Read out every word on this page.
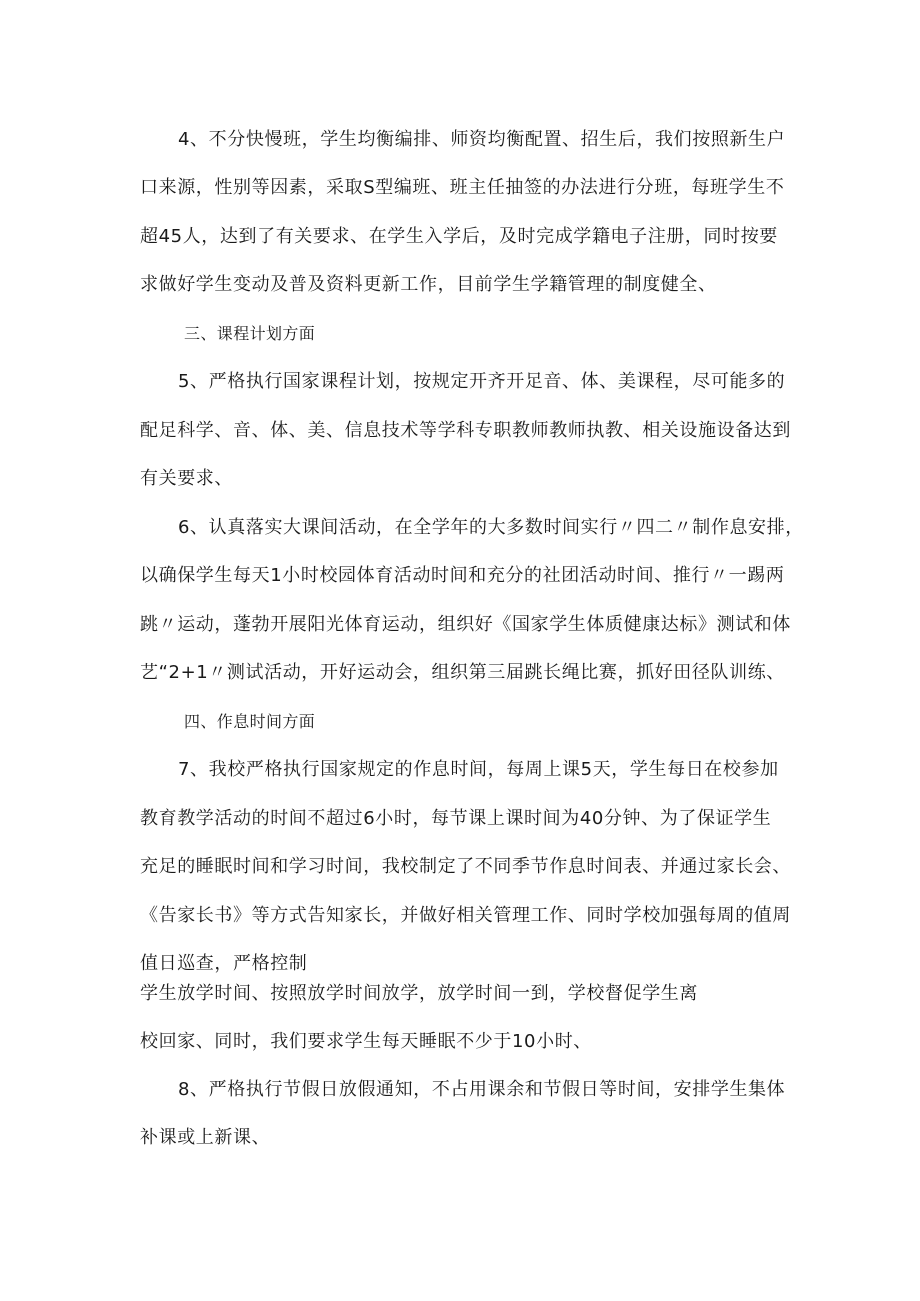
4、不分快慢班，学生均衡编排、师资均衡配置、招生后，我们按照新生户
口来源，性别等因素，采取S型编班、班主任抽签的办法进行分班，每班学生不
超45人，达到了有关要求、在学生入学后，及时完成学籍电子注册，同时按要
求做好学生变动及普及资料更新工作，目前学生学籍管理的制度健全、
三、课程计划方面
5、严格执行国家课程计划，按规定开齐开足音、体、美课程，尽可能多的
配足科学、音、体、美、信息技术等学科专职教师教师执教、相关设施设备达到
有关要求、
6、认真落实大课间活动，在全学年的大多数时间实行〃四二〃制作息安排，
以确保学生每天1小时校园体育活动时间和充分的社团活动时间、推行〃一踢两
跳〃运动，蓬勃开展阳光体育运动，组织好《国家学生体质健康达标》测试和体
艺“2+1〃测试活动，开好运动会，组织第三届跳长绳比赛，抓好田径队训练、
四、作息时间方面
7、我校严格执行国家规定的作息时间，每周上课5天，学生每日在校参加
教育教学活动的时间不超过6小时，每节课上课时间为40分钟、为了保证学生
充足的睡眠时间和学习时间，我校制定了不同季节作息时间表、并通过家长会、
《告家长书》等方式告知家长，并做好相关管理工作、同时学校加强每周的值周
值日巡查，严格控制
学生放学时间、按照放学时间放学，放学时间一到，学校督促学生离
校回家、同时，我们要求学生每天睡眠不少于10小时、
8、严格执行节假日放假通知，不占用课余和节假日等时间，安排学生集体
补课或上新课、
